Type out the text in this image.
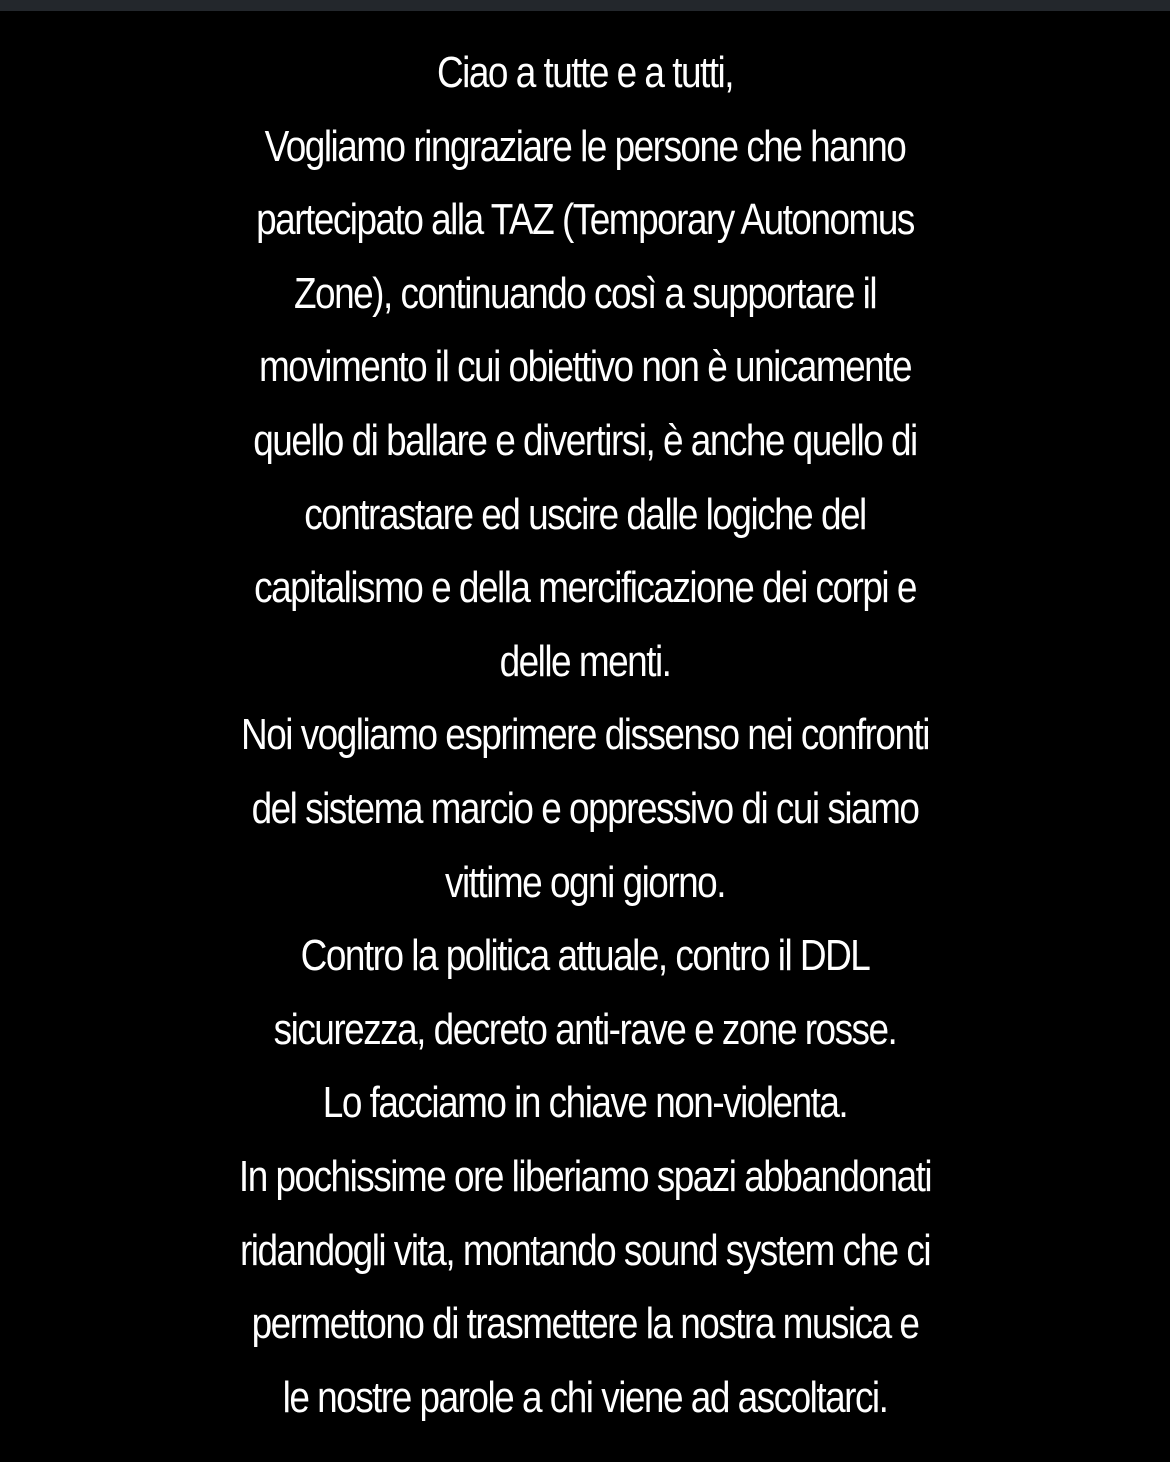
Ciao a tutte e a tutti,
Vogliamo ringraziare le persone che hanno
partecipato alla TAZ (Temporary Autonomus
Zone), continuando così a supportare il
movimento il cui obiettivo non è unicamente
quello di ballare e divertirsi, è anche quello di
contrastare ed uscire dalle logiche del
capitalismo e della mercificazione dei corpi e
delle menti.
Noi vogliamo esprimere dissenso nei confronti
del sistema marcio e oppressivo di cui siamo
vittime ogni giorno.
Contro la politica attuale, contro il DDL
sicurezza, decreto anti-rave e zone rosse.
Lo facciamo in chiave non-violenta.
In pochissime ore liberiamo spazi abbandonati
ridandogli vita, montando sound system che ci
permettono di trasmettere la nostra musica e
le nostre parole a chi viene ad ascoltarci.
